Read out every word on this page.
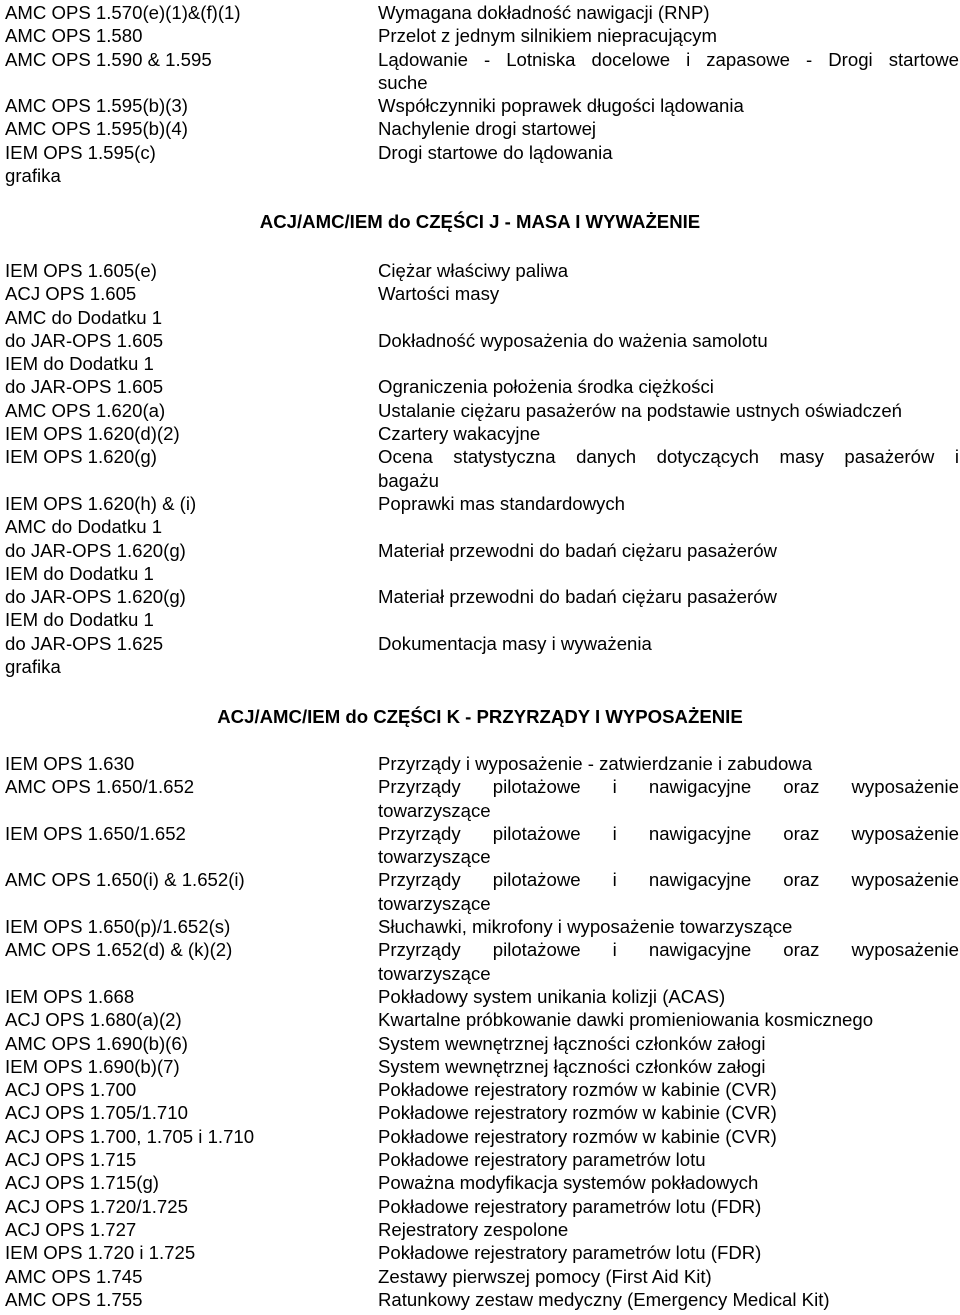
AMC OPS 1.570(e)(1)&(f)(1)	Wymagana dokładność nawigacji (RNP)
AMC OPS 1.580	Przelot z jednym silnikiem niepracującym
AMC OPS 1.590 & 1.595	Lądowanie - Lotniska docelowe i zapasowe - Drogi startowe
suche
AMC OPS 1.595(b)(3)	Współczynniki poprawek długości lądowania
AMC OPS 1.595(b)(4)	Nachylenie drogi startowej
IEM OPS 1.595(c)	Drogi startowe do lądowania
grafika
ACJ/AMC/IEM do CZĘŚCI J - MASA I WYWAŻENIE
IEM OPS 1.605(e)	Ciężar właściwy paliwa
ACJ OPS 1.605	Wartości masy
AMC do Dodatku 1
do JAR-OPS 1.605	Dokładność wyposażenia do ważenia samolotu
IEM do Dodatku 1
do JAR-OPS 1.605	Ograniczenia położenia środka ciężkości
AMC OPS 1.620(a)	Ustalanie ciężaru pasażerów na podstawie ustnych oświadczeń
IEM OPS 1.620(d)(2)	Czartery wakacyjne
IEM OPS 1.620(g)	Ocena statystyczna danych dotyczących masy pasażerów i
bagażu
IEM OPS 1.620(h) & (i)	Poprawki mas standardowych
AMC do Dodatku 1
do JAR-OPS 1.620(g)	Materiał przewodni do badań ciężaru pasażerów
IEM do Dodatku 1
do JAR-OPS 1.620(g)	Materiał przewodni do badań ciężaru pasażerów
IEM do Dodatku 1
do JAR-OPS 1.625	Dokumentacja masy i wyważenia
grafika
ACJ/AMC/IEM do CZĘŚCI K - PRZYRZĄDY I WYPOSAŻENIE
IEM OPS 1.630	Przyrządy i wyposażenie - zatwierdzanie i zabudowa
AMC OPS 1.650/1.652	Przyrządy pilotażowe i nawigacyjne oraz wyposażenie
towarzyszące
IEM OPS 1.650/1.652	Przyrządy pilotażowe i nawigacyjne oraz wyposażenie
towarzyszące
AMC OPS 1.650(i) & 1.652(i)	Przyrządy pilotażowe i nawigacyjne oraz wyposażenie
towarzyszące
IEM OPS 1.650(p)/1.652(s)	Słuchawki, mikrofony i wyposażenie towarzyszące
AMC OPS 1.652(d) & (k)(2)	Przyrządy pilotażowe i nawigacyjne oraz wyposażenie
towarzyszące
IEM OPS 1.668	Pokładowy system unikania kolizji (ACAS)
ACJ OPS 1.680(a)(2)	Kwartalne próbkowanie dawki promieniowania kosmicznego
AMC OPS 1.690(b)(6)	System wewnętrznej łączności członków załogi
IEM OPS 1.690(b)(7)	System wewnętrznej łączności członków załogi
ACJ OPS 1.700	Pokładowe rejestratory rozmów w kabinie (CVR)
ACJ OPS 1.705/1.710	Pokładowe rejestratory rozmów w kabinie (CVR)
ACJ OPS 1.700, 1.705 i 1.710	Pokładowe rejestratory rozmów w kabinie (CVR)
ACJ OPS 1.715	Pokładowe rejestratory parametrów lotu
ACJ OPS 1.715(g)	Poważna modyfikacja systemów pokładowych
ACJ OPS 1.720/1.725	Pokładowe rejestratory parametrów lotu (FDR)
ACJ OPS 1.727	Rejestratory zespolone
IEM OPS 1.720 i 1.725	Pokładowe rejestratory parametrów lotu (FDR)
AMC OPS 1.745	Zestawy pierwszej pomocy (First Aid Kit)
AMC OPS 1.755	Ratunkowy zestaw medyczny (Emergency Medical Kit)
